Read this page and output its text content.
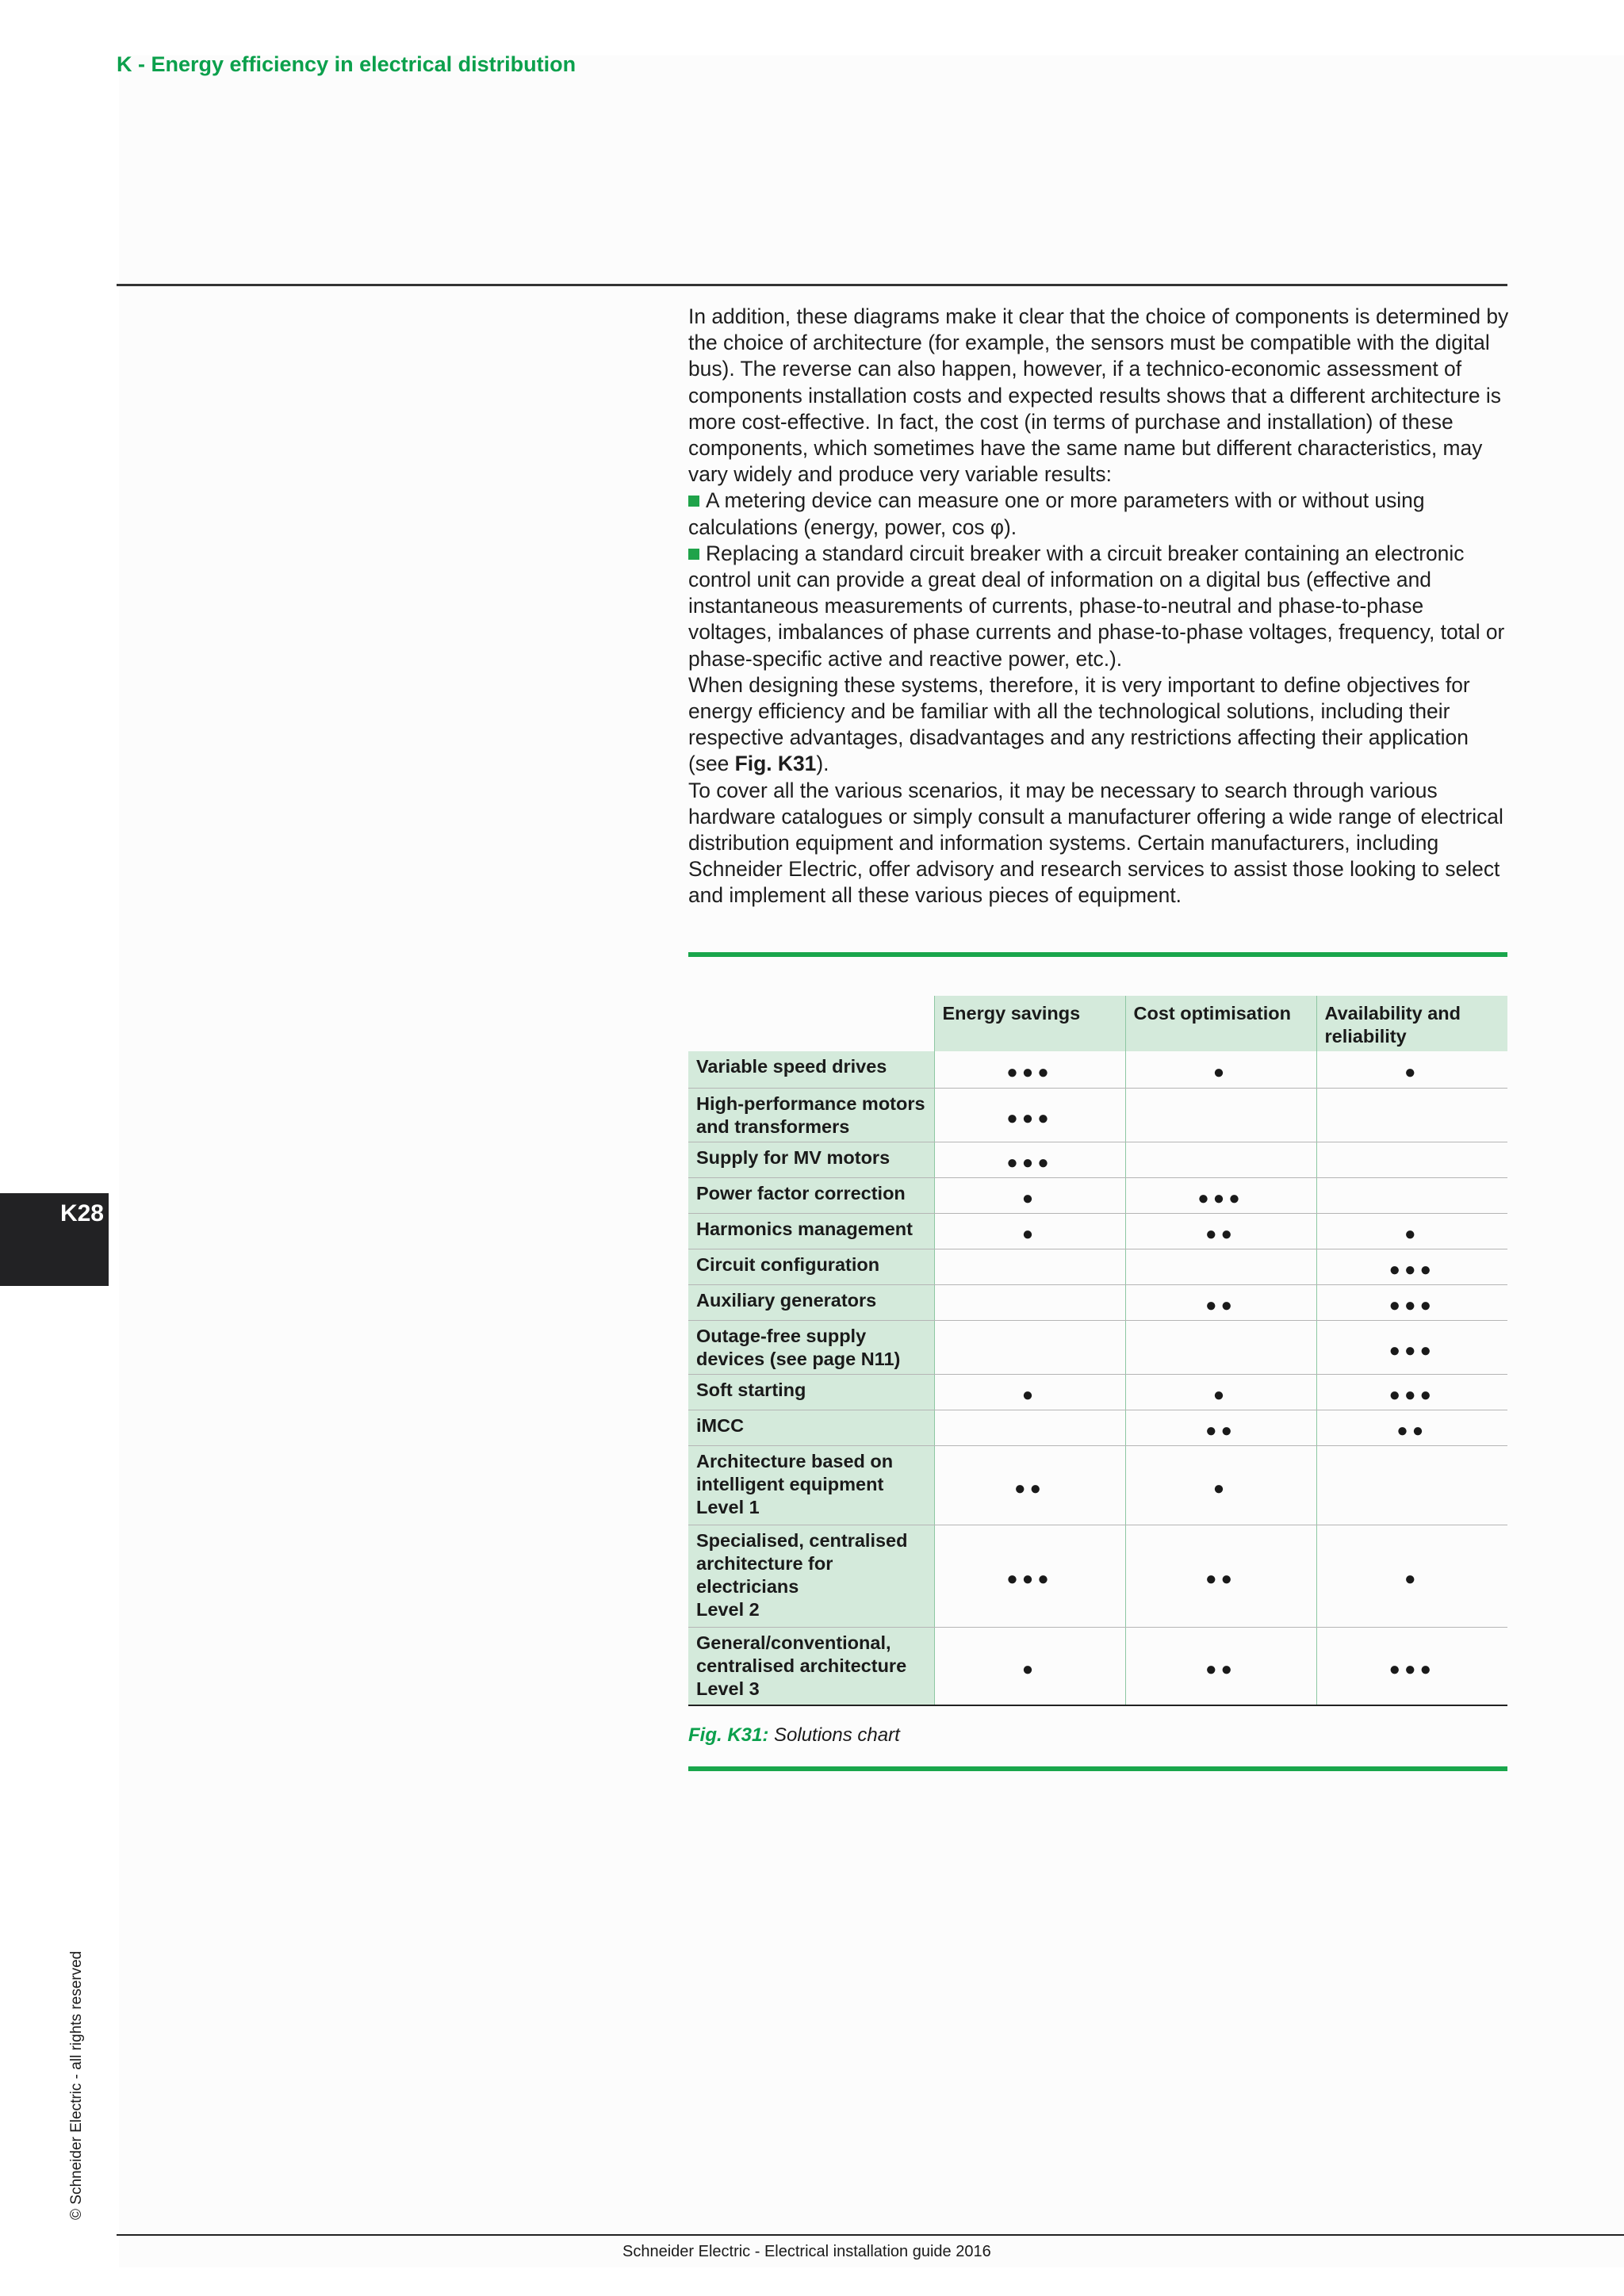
K - Energy efficiency in electrical distribution

In addition, these diagrams make it clear that the choice of components is determined by the choice of architecture (for example, the sensors must be compatible with the digital bus). The reverse can also happen, however, if a technico-economic assessment of components installation costs and expected results shows that a different architecture is more cost-effective. In fact, the cost (in terms of purchase and installation) of these components, which sometimes have the same name but different characteristics, may vary widely and produce very variable results:

A metering device can measure one or more parameters with or without using calculations (energy, power, cos φ).

Replacing a standard circuit breaker with a circuit breaker containing an electronic control unit can provide a great deal of information on a digital bus (effective and instantaneous measurements of currents, phase-to-neutral and phase-to-phase voltages, imbalances of phase currents and phase-to-phase voltages, frequency, total or phase-specific active and reactive power, etc.).

When designing these systems, therefore, it is very important to define objectives for energy efficiency and be familiar with all the technological solutions, including their respective advantages, disadvantages and any restrictions affecting their application (see Fig. K31).

To cover all the various scenarios, it may be necessary to search through various hardware catalogues or simply consult a manufacturer offering a wide range of electrical distribution equipment and information systems. Certain manufacturers, including Schneider Electric, offer advisory and research services to assist those looking to select and implement all these various pieces of equipment.

	Energy savings	Cost optimisation	Availability and reliability

Variable speed drives	●●●	●	●

High-performance motors and transformers	●●●		

Supply for MV motors	●●●		

Power factor correction	●	●●●	

Harmonics management	●	●●	●

Circuit configuration			●●●

Auxiliary generators		●●	●●●

Outage-free supply devices (see page N11)			●●●

Soft starting	●	●	●●●

iMCC		●●	●●

Architecture based on intelligent equipment
Level 1	●●	●	

Specialised, centralised architecture for electricians
Level 2	●●●	●●	●

General/conventional, centralised architecture
Level 3	●	●●	●●●
Fig. K31: Solutions chart
K28
© Schneider Electric - all rights reserved
Schneider Electric - Electrical installation guide 2016
